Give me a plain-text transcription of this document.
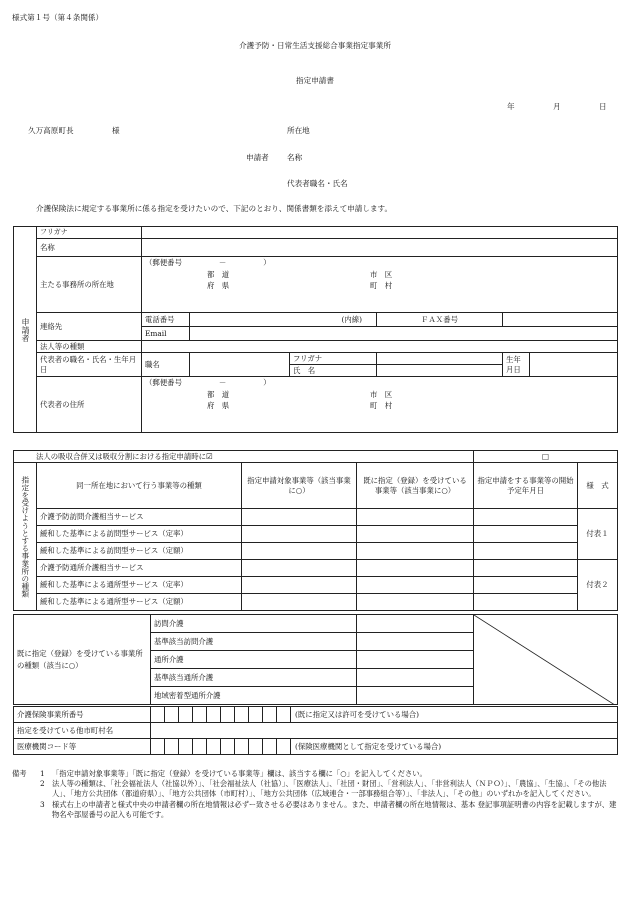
様式第１号（第４条関係）
介護予防・日常生活支援総合事業指定事業所
指定申請書
年	月	日
久万高原町長	様	所在地
申請者 名称
代表者職名・氏名
介護保険法に規定する事業所に係る指定を受けたいので、下記のとおり、関係書類を添えて申請します。
申請者	フリガナ						
	名称						
	主たる事務所の所在地	（郵便番号　　　　　－　　　　　）
都　道
府　県
市　区
町　村					

	連絡先	電話番号	(内線)		ＦＡＸ番号		
		Email					
	法人等の種類						
	代表者の職名・氏名・生年月日	職名		フリガナ		生年月日	
				氏　名			
	代表者の住所	（郵便番号　　　　　－　　　　　）
都　道
府　県
市　区
町　村					
法人の吸収合併又は吸収分割における指定申請時に☑	□
指定を受けようとする事業所の種類	同一所在地において行う事業等の種類	指定申請対象事業等（該当事業に○）	既に指定（登録）を受けている事業等（該当事業に○）	指定申請をする事業等の開始予定年月日	様　式
	介護予防訪問介護相当サービス				付表１
	緩和した基準による訪問型サービス（定率）				
	緩和した基準による訪問型サービス（定額）				
	介護予防通所介護相当サービス				付表２
	緩和した基準による通所型サービス（定率）				
	緩和した基準による通所型サービス（定額）				
既に指定（登録）を受けている事業所の種類（該当に○）	訪問介護		

	基準該当訪問介護		
	通所介護		
	基準該当通所介護		
	地域密着型通所介護		
介護保険事業所番号											(既に指定又は許可を受けている場合)
指定を受けている他市町村名											
医療機関コード等											(保険医療機関として指定を受けている場合)
備考	1	「指定申請対象事業等」「既に指定（登録）を受けている事業等」欄は、該当する欄に「○」を記入してください。
2	法人等の種類は、「社会福祉法人（社協以外）」、「社会福祉法人（社協）」、「医療法人」、「社団・財団」、「営利法人」、「非営利法人（ＮＰＯ）」、「農協」、「生協」、「その他法人」、「地方公共団体（都道府県）」、「地方公共団体（市町村）」、「地方公共団体（広域連合・一部事務組合等）」、「非法人」、「その他」のいずれかを記入してください。
3	様式右上の申請者と様式中央の申請者欄の所在地情報は必ずー致させる必要はありません。また、申請者欄の所在地情報は、基本 登記事項証明書の内容を記載しますが、建物名や部屋番号の記入も可能です。
